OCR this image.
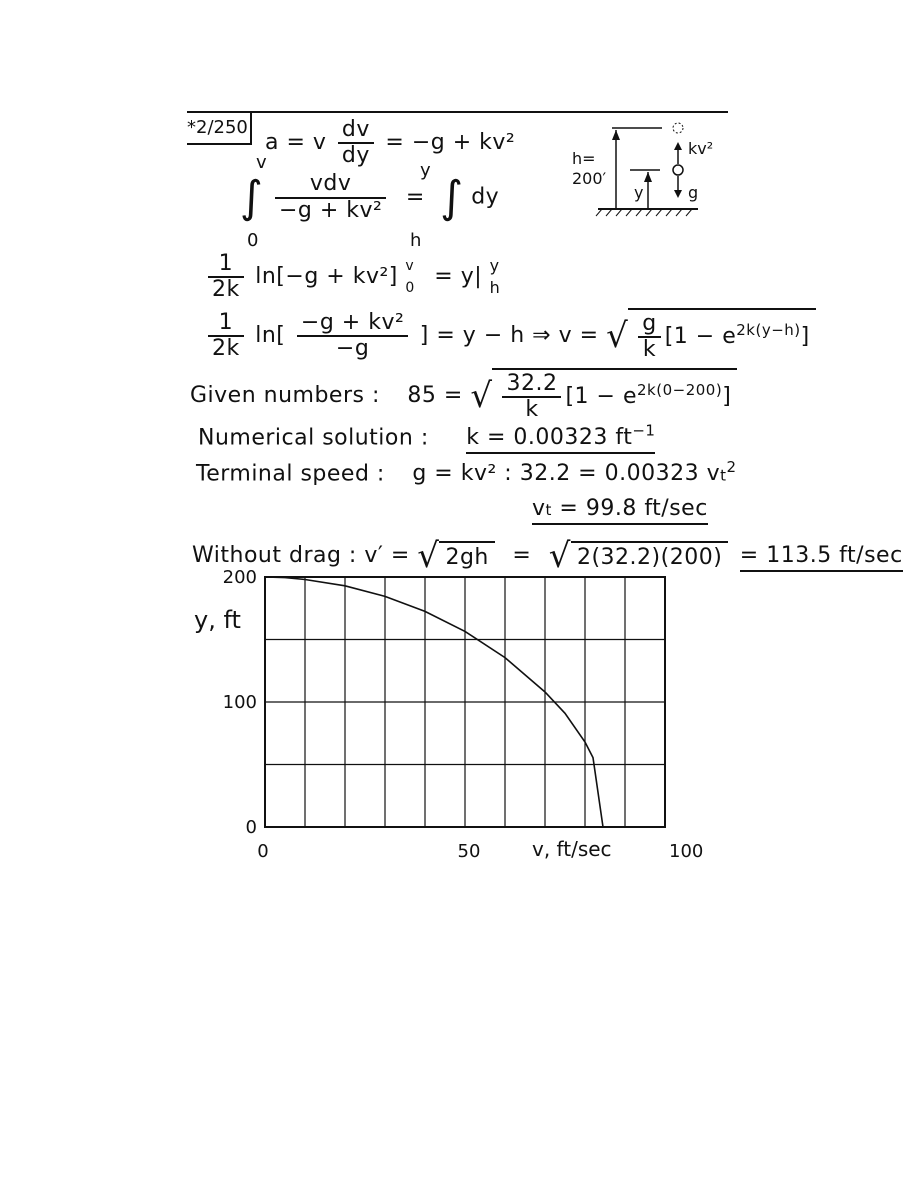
*2/250
a = v $\frac{dv}{dy} = -g + kv^2$
v
0
∫ $\frac{\text{vdv}}{\text{−g + kv²}}$ = ∫ dy
y
h
$\frac{1}{2k} \ln[-g + kv^2]$ v
0 = y| y
h
$\frac{1}{2k} \ln[ \frac{\text{−g + kv²}}{-g}$ ] = y − h ⇒ v = √ $\frac{g}{k} [1 - e^{2k(y-h)}]$
h=
200′
y
kv²
g
Given numbers : 85 = √ $\frac{32.2}{k} [1 - e^{2k(0-200)}]$
Numerical solution : k = 0.00323 $ft^{-1}$
Terminal speed : g = kv² : 32.2 = 0.00323 $vt^2$
vt = 99.8 ft/sec
Without drag : v′ = √ 2gh = √ 2(32.2)(200) = 113.5 ft/sec
0	50	100
0
100
200
v, ft/sec
y, ft
